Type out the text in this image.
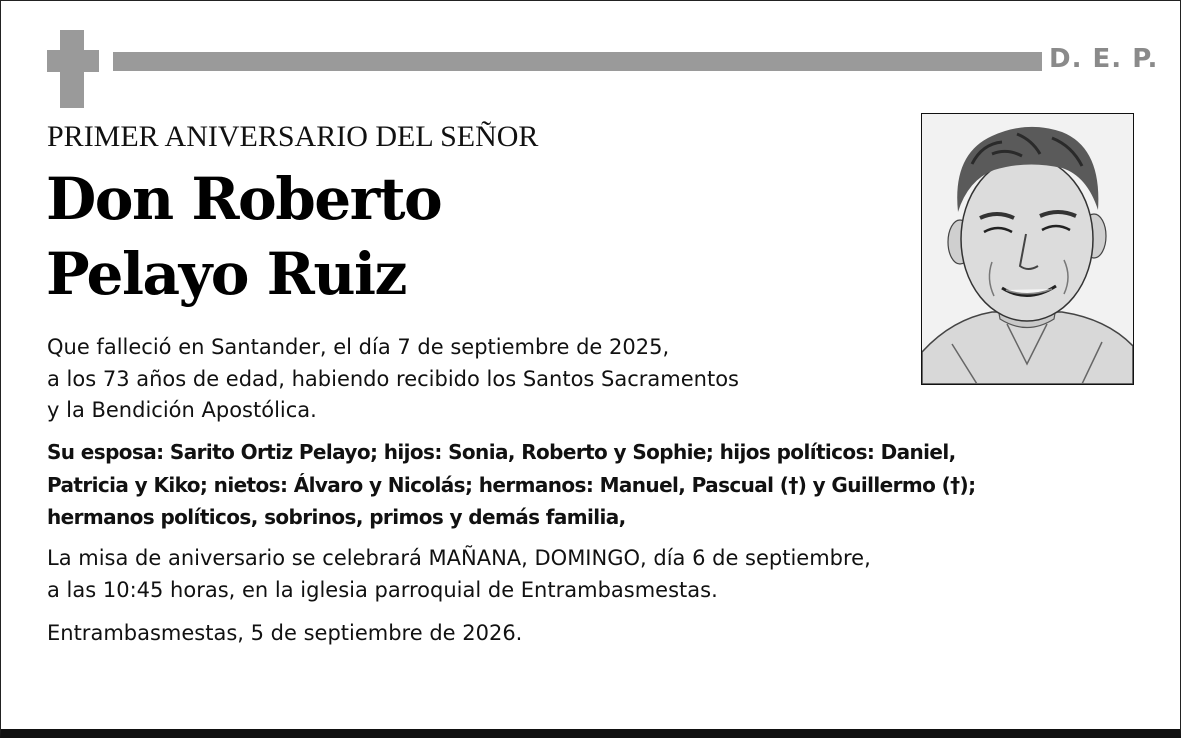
D. E. P.
PRIMER ANIVERSARIO DEL SEÑOR
Don Roberto
Pelayo Ruiz
Que falleció en Santander, el día 7 de septiembre de 2025,
a los 73 años de edad, habiendo recibido los Santos Sacramentos
y la Bendición Apostólica.
Su esposa: Sarito Ortiz Pelayo; hijos: Sonia, Roberto y Sophie; hijos políticos: Daniel,
Patricia y Kiko; nietos: Álvaro y Nicolás; hermanos: Manuel, Pascual (†) y Guillermo (†);
hermanos políticos, sobrinos, primos y demás familia,
La misa de aniversario se celebrará MAÑANA, DOMINGO, día 6 de septiembre,
a las 10:45 horas, en la iglesia parroquial de Entrambasmestas.
Entrambasmestas, 5 de septiembre de 2026.
